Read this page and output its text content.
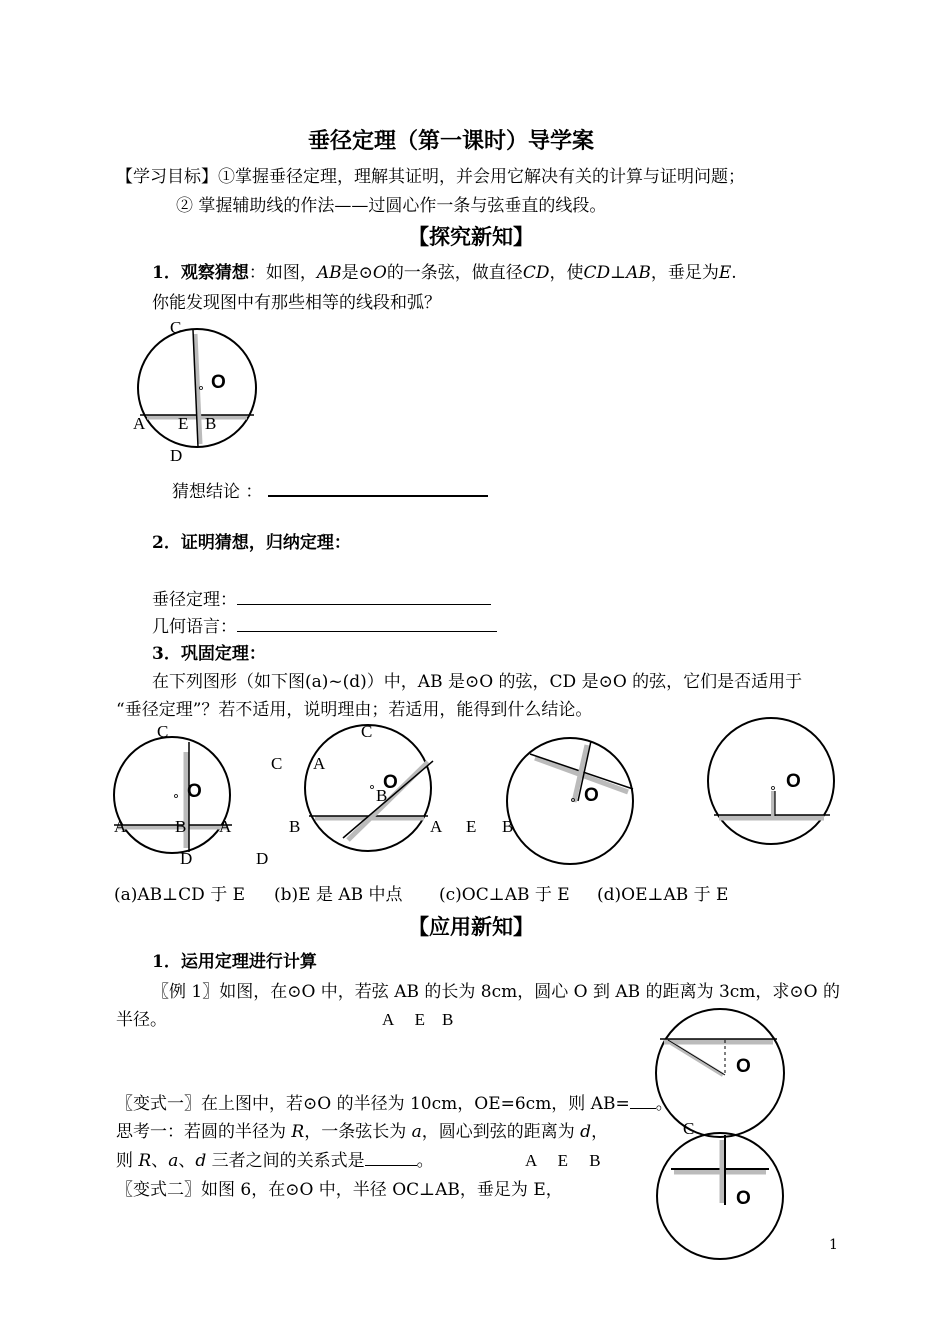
垂径定理（第一课时）导学案
【学习目标】①掌握垂径定理，理解其证明，并会用它解决有关的计算与证明问题；
② 掌握辅助线的作法——过圆心作一条与弦垂直的线段。
【探究新知】
1．观察猜想：如图，AB是⊙O的一条弦，做直径CD，使CD⊥AB，垂足为E.
你能发现图中有那些相等的线段和弧？
C
O
A E B
D
猜想结论 ：
2．证明猜想，归纳定理：
垂径定理：
几何语言：
3．巩固定理：
在下列图形（如下图(a)~(d)）中，AB 是⊙O 的弦，CD 是⊙O 的弦，它们是否适用于
“垂径定理”？若不适用，说明理由；若适用，能得到什么结论。
C
O
A	B
D
C
C A
O
B
A	B
D
O
A E B
O
(a)AB⊥CD 于 E (b)E 是 AB 中点 (c)OC⊥AB 于 E (d)OE⊥AB 于 E
【应用新知】
1．运用定理进行计算
〖例 1〗如图，在⊙O 中，若弦 AB 的长为 8cm，圆心 O 到 AB 的距离为 3cm，求⊙O 的
半径。	A　 E　B
O
O
〖变式一〗在上图中，若⊙O 的半径为 10cm，OE=6cm，则 AB= 。
思考一：若圆的半径为 R，一条弦长为 a，圆心到弦的距离为 d，	C
则 R、a、d 三者之间的关系式是	。	A　 E　 B
〖变式二〗如图 6，在⊙O 中，半径 OC⊥AB，垂足为 E，
1
